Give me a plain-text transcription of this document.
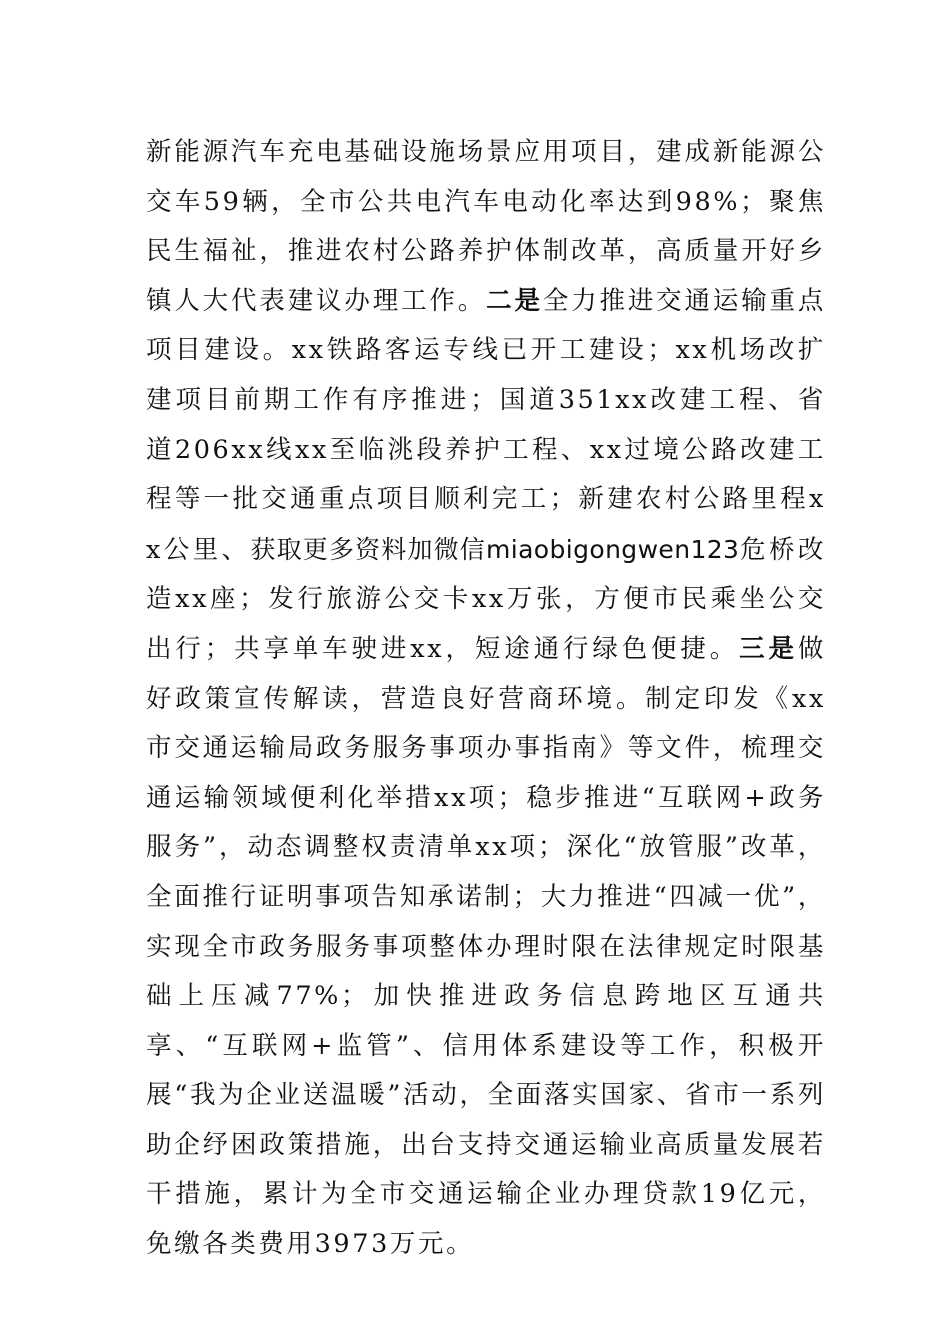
新能源汽车充电基础设施场景应用项目，建成新能源公交车59辆，全市公共电汽车电动化率达到98%；聚焦民生福祉，推进农村公路养护体制改革，高质量开好乡镇人大代表建议办理工作。二是全力推进交通运输重点项目建设。xx铁路客运专线已开工建设；xx机场改扩建项目前期工作有序推进；国道351xx改建工程、省道206xx线xx至临洮段养护工程、xx过境公路改建工程等一批交通重点项目顺利完工；新建农村公路里程xx公里、获取更多资料加微信miaobigongwen123危桥改造xx座；发行旅游公交卡xx万张，方便市民乘坐公交出行；共享单车驶进xx，短途通行绿色便捷。三是做好政策宣传解读，营造良好营商环境。制定印发《xx市交通运输局政务服务事项办事指南》等文件，梳理交通运输领域便利化举措xx项；稳步推进“互联网+政务服务”，动态调整权责清单xx项；深化“放管服”改革，全面推行证明事项告知承诺制；大力推进“四减一优”，实现全市政务服务事项整体办理时限在法律规定时限基础上压减77%；加快推进政务信息跨地区互通共享、“互联网+监管”、信用体系建设等工作，积极开展“我为企业送温暖”活动，全面落实国家、省市一系列助企纾困政策措施，出台支持交通运输业高质量发展若干措施，累计为全市交通运输企业办理贷款19亿元，免缴各类费用3973万元。
